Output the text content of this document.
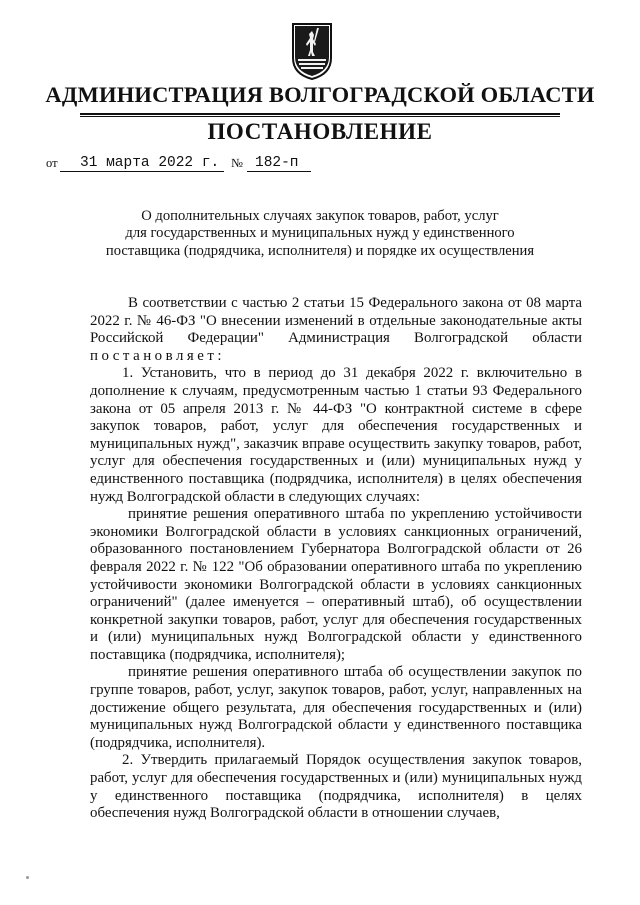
АДМИНИСТРАЦИЯ ВОЛГОГРАДСКОЙ ОБЛАСТИ
ПОСТАНОВЛЕНИЕ
от 31 марта 2022 г. № 182-п
О дополнительных случаях закупок товаров, работ, услуг
для государственных и муниципальных нужд у единственного
поставщика (подрядчика, исполнителя) и порядке их осуществления

В соответствии с частью 2 статьи 15 Федерального закона от 08 марта 2022 г. № 46-ФЗ "О внесении изменений в отдельные законодательные акты Российской Федерации" Администрация Волгоградской области постановляет:

1. Установить, что в период до 31 декабря 2022 г. включительно в дополнение к случаям, предусмотренным частью 1 статьи 93 Федерального закона от 05 апреля 2013 г. № 44-ФЗ "О контрактной системе в сфере закупок товаров, работ, услуг для обеспечения государственных и муниципальных нужд", заказчик вправе осуществить закупку товаров, работ, услуг для обеспечения государственных и (или) муниципальных нужд у единственного поставщика (подрядчика, исполнителя) в целях обеспечения нужд Волгоградской области в следующих случаях:

принятие решения оперативного штаба по укреплению устойчивости экономики Волгоградской области в условиях санкционных ограничений, образованного постановлением Губернатора Волгоградской области от 26 февраля 2022 г. № 122 "Об образовании оперативного штаба по укреплению устойчивости экономики Волгоградской области в условиях санкционных ограничений" (далее именуется – оперативный штаб), об осуществлении конкретной закупки товаров, работ, услуг для обеспечения государственных и (или) муниципальных нужд Волгоградской области у единственного поставщика (подрядчика, исполнителя);

принятие решения оперативного штаба об осуществлении закупок по группе товаров, работ, услуг, закупок товаров, работ, услуг, направленных на достижение общего результата, для обеспечения государственных и (или) муниципальных нужд Волгоградской области у единственного поставщика (подрядчика, исполнителя).

2. Утвердить прилагаемый Порядок осуществления закупок товаров, работ, услуг для обеспечения государственных и (или) муниципальных нужд у единственного поставщика (подрядчика, исполнителя) в целях обеспечения нужд Волгоградской области в отношении случаев,
